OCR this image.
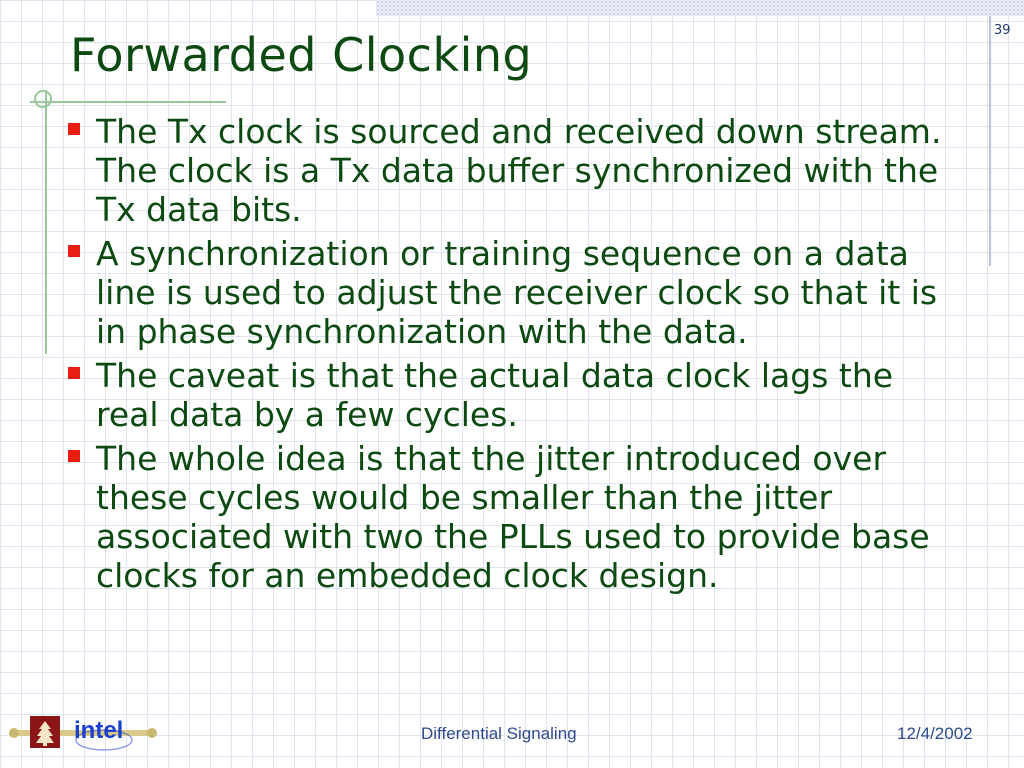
39
Forwarded Clocking
The Tx clock is sourced and received down stream. The clock is a Tx data buffer synchronized with the Tx data bits.
A synchronization or training sequence on a data line is used to adjust the receiver clock so that it is in phase synchronization with the data.
The caveat is that the actual data clock lags the real data by a few cycles.
The whole idea is that the jitter introduced over these cycles would be smaller than the jitter associated with two the PLLs used to provide base clocks for an embedded clock design.
intel	Differential Signaling	12/4/2002
